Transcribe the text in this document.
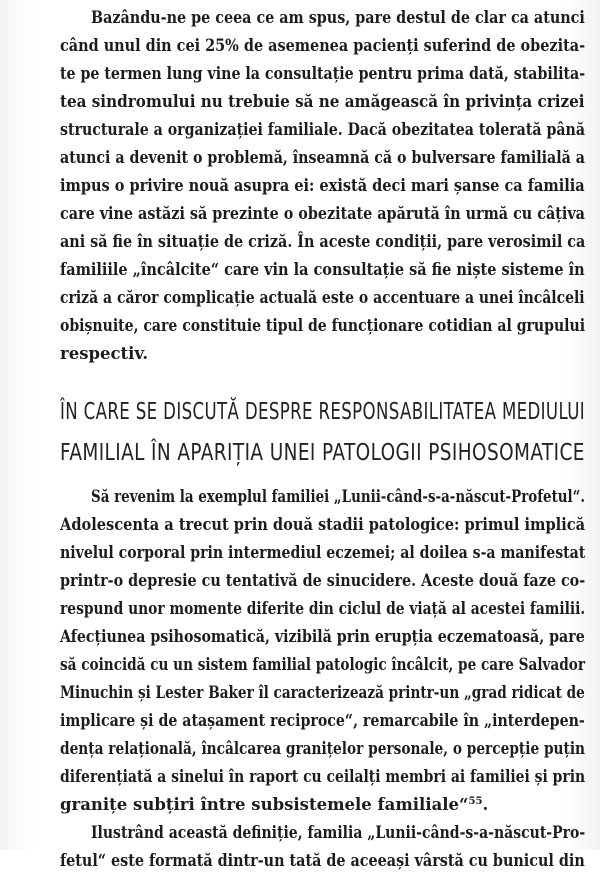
Bazându-ne pe ceea ce am spus, pare destul de clar ca atunci
când unul din cei 25% de asemenea pacienți suferind de obezita-
te pe termen lung vine la consultație pentru prima dată, stabilita-
tea sindromului nu trebuie să ne amăgească în privința crizei
structurale a organizației familiale. Dacă obezitatea tolerată până
atunci a devenit o problemă, înseamnă că o bulversare familială a
impus o privire nouă asupra ei: există deci mari șanse ca familia
care vine astăzi să prezinte o obezitate apărută în urmă cu câțiva
ani să fie în situație de criză. În aceste condiții, pare verosimil ca
familiile „încâlcite“ care vin la consultație să fie niște sisteme în
criză a căror complicație actuală este o accentuare a unei încâlceli
obișnuite, care constituie tipul de funcționare cotidian al grupului
respectiv.
ÎN CARE SE DISCUTĂ DESPRE RESPONSABILITATEA MEDIULUI
FAMILIAL ÎN APARIȚIA UNEI PATOLOGII PSIHOSOMATICE
Să revenim la exemplul familiei „Lunii-când-s-a-născut-Profetul“.
Adolescenta a trecut prin două stadii patologice: primul implică
nivelul corporal prin intermediul eczemei; al doilea s-a manifestat
printr-o depresie cu tentativă de sinucidere. Aceste două faze co-
respund unor momente diferite din ciclul de viață al acestei familii.
Afecțiunea psihosomatică, vizibilă prin erupția eczematoasă, pare
să coincidă cu un sistem familial patologic încâlcit, pe care Salvador
Minuchin și Lester Baker îl caracterizează printr-un „grad ridicat de
implicare și de atașament reciproce“, remarcabile în „interdepen-
dența relațională, încâlcarea granițelor personale, o percepție puțin
diferențiată a sinelui în raport cu ceilalți membri ai familiei și prin
granițe subțiri între subsistemele familiale“$^{55}$.
Ilustrând această definiție, familia „Lunii-când-s-a-născut-Pro-
fetul“ este formată dintr-un tată de aceeași vârstă cu bunicul din
